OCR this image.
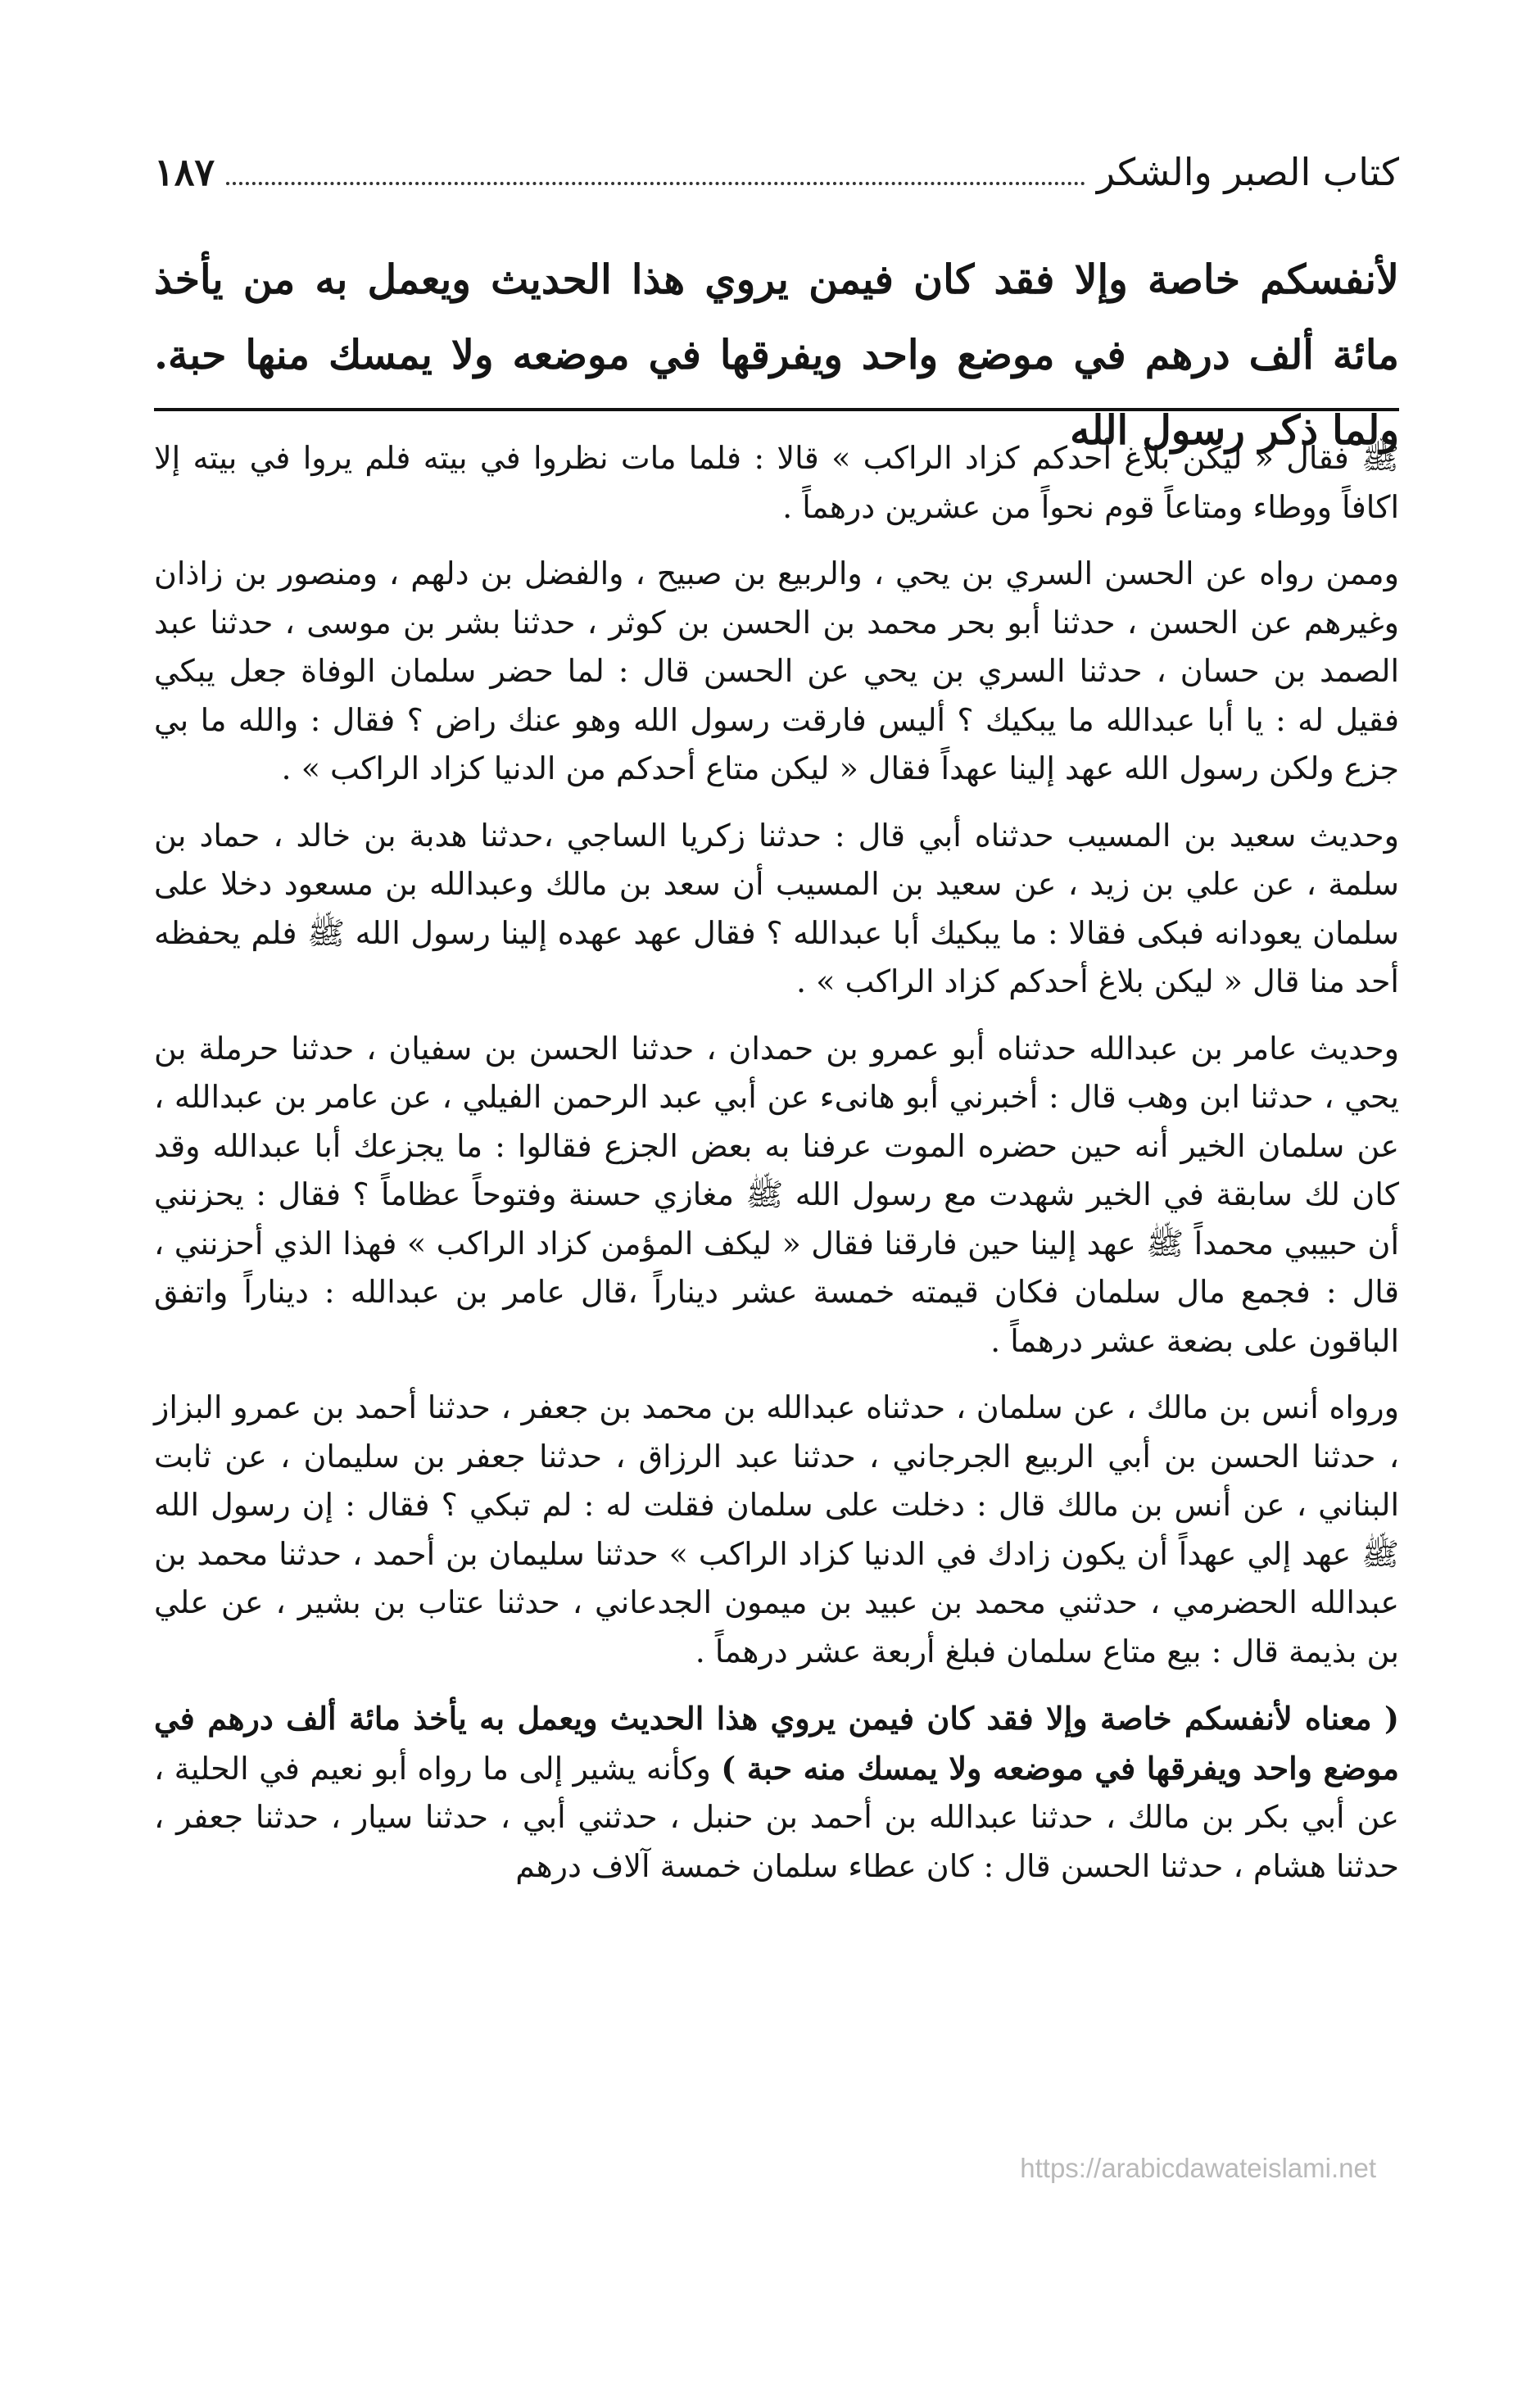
كتاب الصبر والشكر
١٨٧
لأنفسكم خاصة وإلا فقد كان فيمن يروي هذا الحديث ويعمل به من يأخذ مائة ألف درهم في موضع واحد ويفرقها في موضعه ولا يمسك منها حبة. ولما ذكر رسول الله

ﷺ فقال « ليكن بلاغ أحدكم كزاد الراكب » قالا : فلما مات نظروا في بيته فلم يروا في بيته إلا اكافاً ووطاء ومتاعاً قوم نحواً من عشرين درهماً .

وممن رواه عن الحسن السري بن يحي ، والربيع بن صبيح ، والفضل بن دلهم ، ومنصور بن زاذان وغيرهم عن الحسن ، حدثنا أبو بحر محمد بن الحسن بن كوثر ، حدثنا بشر بن موسى ، حدثنا عبد الصمد بن حسان ، حدثنا السري بن يحي عن الحسن قال : لما حضر سلمان الوفاة جعل يبكي فقيل له : يا أبا عبدالله ما يبكيك ؟ أليس فارقت رسول الله وهو عنك راض ؟ فقال : والله ما بي جزع ولكن رسول الله عهد إلينا عهداً فقال « ليكن متاع أحدكم من الدنيا كزاد الراكب » .

وحديث سعيد بن المسيب حدثناه أبي قال : حدثنا زكريا الساجي ،حدثنا هدبة بن خالد ، حماد بن سلمة ، عن علي بن زيد ، عن سعيد بن المسيب أن سعد بن مالك وعبدالله بن مسعود دخلا على سلمان يعودانه فبكى فقالا : ما يبكيك أبا عبدالله ؟ فقال عهد عهده إلينا رسول الله ﷺ فلم يحفظه أحد منا قال « ليكن بلاغ أحدكم كزاد الراكب » .

وحديث عامر بن عبدالله حدثناه أبو عمرو بن حمدان ، حدثنا الحسن بن سفيان ، حدثنا حرملة بن يحي ، حدثنا ابن وهب قال : أخبرني أبو هانىء عن أبي عبد الرحمن الفيلي ، عن عامر بن عبدالله ، عن سلمان الخير أنه حين حضره الموت عرفنا به بعض الجزع فقالوا : ما يجزعك أبا عبدالله وقد كان لك سابقة في الخير شهدت مع رسول الله ﷺ مغازي حسنة وفتوحاً عظاماً ؟ فقال : يحزنني أن حبيبي محمداً ﷺ عهد إلينا حين فارقنا فقال « ليكف المؤمن كزاد الراكب » فهذا الذي أحزنني ، قال : فجمع مال سلمان فكان قيمته خمسة عشر ديناراً ،قال عامر بن عبدالله : ديناراً واتفق الباقون على بضعة عشر درهماً .

ورواه أنس بن مالك ، عن سلمان ، حدثناه عبدالله بن محمد بن جعفر ، حدثنا أحمد بن عمرو البزاز ، حدثنا الحسن بن أبي الربيع الجرجاني ، حدثنا عبد الرزاق ، حدثنا جعفر بن سليمان ، عن ثابت البناني ، عن أنس بن مالك قال : دخلت على سلمان فقلت له : لم تبكي ؟ فقال : إن رسول الله ﷺ عهد إلي عهداً أن يكون زادك في الدنيا كزاد الراكب » حدثنا سليمان بن أحمد ، حدثنا محمد بن عبدالله الحضرمي ، حدثني محمد بن عبيد بن ميمون الجدعاني ، حدثنا عتاب بن بشير ، عن علي بن بذيمة قال : بيع متاع سلمان فبلغ أربعة عشر درهماً .

( معناه لأنفسكم خاصة وإلا فقد كان فيمن يروي هذا الحديث ويعمل به يأخذ مائة ألف درهم في موضع واحد ويفرقها في موضعه ولا يمسك منه حبة ) وكأنه يشير إلى ما رواه أبو نعيم في الحلية ، عن أبي بكر بن مالك ، حدثنا عبدالله بن أحمد بن حنبل ، حدثني أبي ، حدثنا سيار ، حدثنا جعفر ، حدثنا هشام ، حدثنا الحسن قال : كان عطاء سلمان خمسة آلاف درهم

https://arabicdawateislami.net
